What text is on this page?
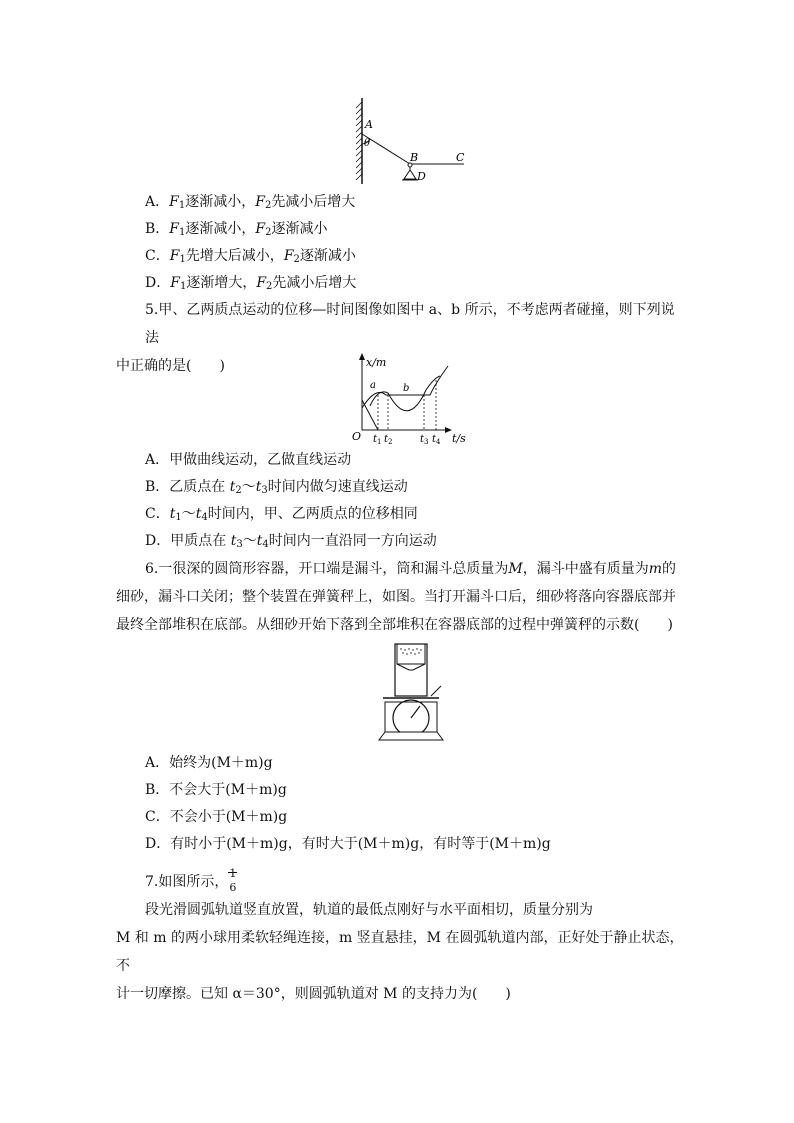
A
θ
B	C
D
A．$F_1$逐渐减小，$F_2$先减小后增大
B．$F_1$逐渐减小，$F_2$逐渐减小
C．$F_1$先增大后减小，$F_2$逐渐减小
D．$F_1$逐渐增大，$F_2$先减小后增大
5.甲、乙两质点运动的位移—时间图像如图中 a、b 所示，不考虑两者碰撞，则下列说法
中正确的是(　　)	x/m
t/s
O
a	b
$t_1$ $t_2$	$t_3$ $t_4$
A．甲做曲线运动，乙做直线运动
B．乙质点在 $t_2\sim t_3$时间内做匀速直线运动
C．$t_1\sim t_4$时间内，甲、乙两质点的位移相同
D．甲质点在 $t_3\sim t_4$时间内一直沿同一方向运动
6.一很深的圆筒形容器，开口端是漏斗，筒和漏斗总质量为M，漏斗中盛有质量为m的
细砂，漏斗口关闭；整个装置在弹簧秤上，如图。当打开漏斗口后，细砂将落向容器底部并
最终全部堆积在底部。从细砂开始下落到全部堆积在容器底部的过程中弹簧秤的示数(　　)
A．始终为(M＋m)g
B．不会大于(M＋m)g
C．不会小于(M＋m)g
D．有时小于(M＋m)g，有时大于(M＋m)g，有时等于(M＋m)g
7.如图所示，
1
6
段光滑圆弧轨道竖直放置，轨道的最低点刚好与水平面相切，质量分别为
M 和 m 的两小球用柔软轻绳连接，m 竖直悬挂，M 在圆弧轨道内部，正好处于静止状态，不
计一切摩擦。已知 α＝30°，则圆弧轨道对 M 的支持力为(　　)
